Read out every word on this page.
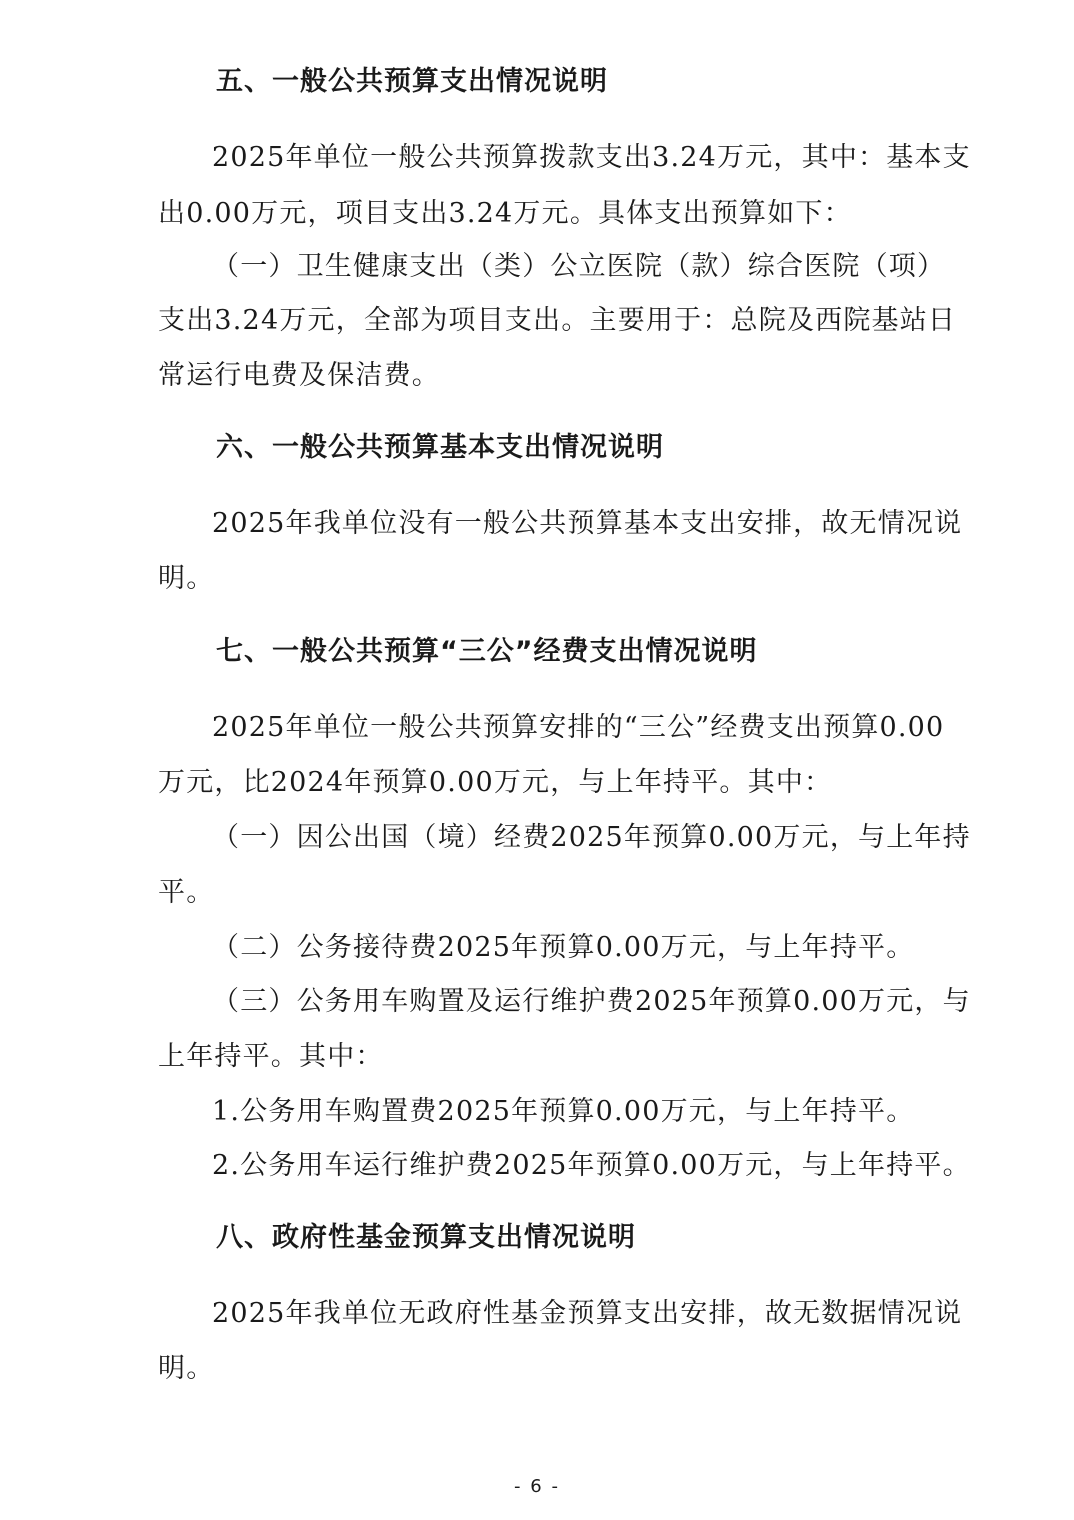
五、一般公共预算支出情况说明
2025年单位一般公共预算拨款支出3.24万元，其中：基本支
出0.00万元，项目支出3.24万元。具体支出预算如下：
（一）卫生健康支出（类）公立医院（款）综合医院（项）
支出3.24万元，全部为项目支出。主要用于：总院及西院基站日
常运行电费及保洁费。
六、一般公共预算基本支出情况说明
2025年我单位没有一般公共预算基本支出安排，故无情况说
明。
七、一般公共预算“三公”经费支出情况说明
2025年单位一般公共预算安排的“三公”经费支出预算0.00
万元，比2024年预算0.00万元，与上年持平。其中：
（一）因公出国（境）经费2025年预算0.00万元，与上年持
平。
（二）公务接待费2025年预算0.00万元，与上年持平。
（三）公务用车购置及运行维护费2025年预算0.00万元，与
上年持平。其中：
1.公务用车购置费2025年预算0.00万元，与上年持平。
2.公务用车运行维护费2025年预算0.00万元，与上年持平。
八、政府性基金预算支出情况说明
2025年我单位无政府性基金预算支出安排，故无数据情况说
明。
- 6 -
